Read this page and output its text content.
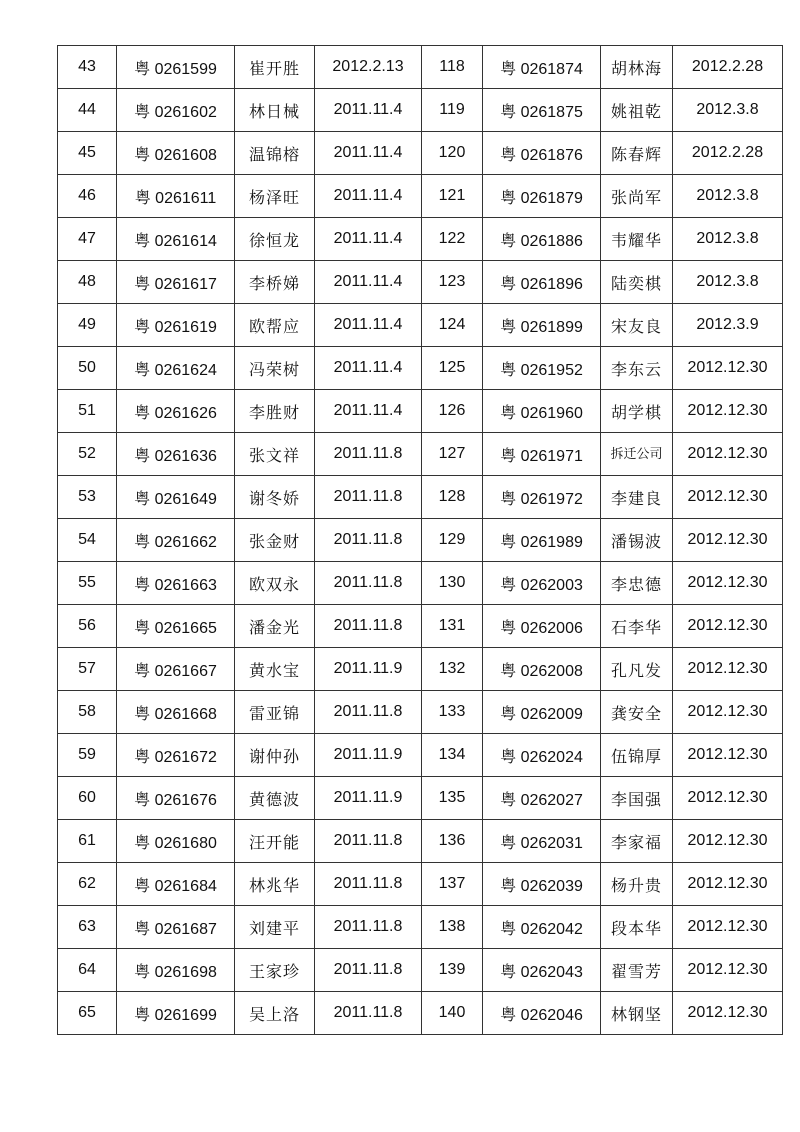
43	粤 0261599	崔开胜	2012.2.13	118	粤 0261874	胡林海	2012.2.28
44	粤 0261602	林日械	2011.11.4	119	粤 0261875	姚祖乾	2012.3.8
45	粤 0261608	温锦榕	2011.11.4	120	粤 0261876	陈春辉	2012.2.28
46	粤 0261611	杨泽旺	2011.11.4	121	粤 0261879	张尚军	2012.3.8
47	粤 0261614	徐恒龙	2011.11.4	122	粤 0261886	韦耀华	2012.3.8
48	粤 0261617	李桥娣	2011.11.4	123	粤 0261896	陆奕棋	2012.3.8
49	粤 0261619	欧帮应	2011.11.4	124	粤 0261899	宋友良	2012.3.9
50	粤 0261624	冯荣树	2011.11.4	125	粤 0261952	李东云	2012.12.30
51	粤 0261626	李胜财	2011.11.4	126	粤 0261960	胡学棋	2012.12.30
52	粤 0261636	张文祥	2011.11.8	127	粤 0261971	拆迁公司	2012.12.30
53	粤 0261649	谢冬娇	2011.11.8	128	粤 0261972	李建良	2012.12.30
54	粤 0261662	张金财	2011.11.8	129	粤 0261989	潘锡波	2012.12.30
55	粤 0261663	欧双永	2011.11.8	130	粤 0262003	李忠德	2012.12.30
56	粤 0261665	潘金光	2011.11.8	131	粤 0262006	石李华	2012.12.30
57	粤 0261667	黄水宝	2011.11.9	132	粤 0262008	孔凡发	2012.12.30
58	粤 0261668	雷亚锦	2011.11.8	133	粤 0262009	龚安全	2012.12.30
59	粤 0261672	谢仲孙	2011.11.9	134	粤 0262024	伍锦厚	2012.12.30
60	粤 0261676	黄德波	2011.11.9	135	粤 0262027	李国强	2012.12.30
61	粤 0261680	汪开能	2011.11.8	136	粤 0262031	李家福	2012.12.30
62	粤 0261684	林兆华	2011.11.8	137	粤 0262039	杨升贵	2012.12.30
63	粤 0261687	刘建平	2011.11.8	138	粤 0262042	段本华	2012.12.30
64	粤 0261698	王家珍	2011.11.8	139	粤 0262043	翟雪芳	2012.12.30
65	粤 0261699	吴上洛	2011.11.8	140	粤 0262046	林钢坚	2012.12.30
